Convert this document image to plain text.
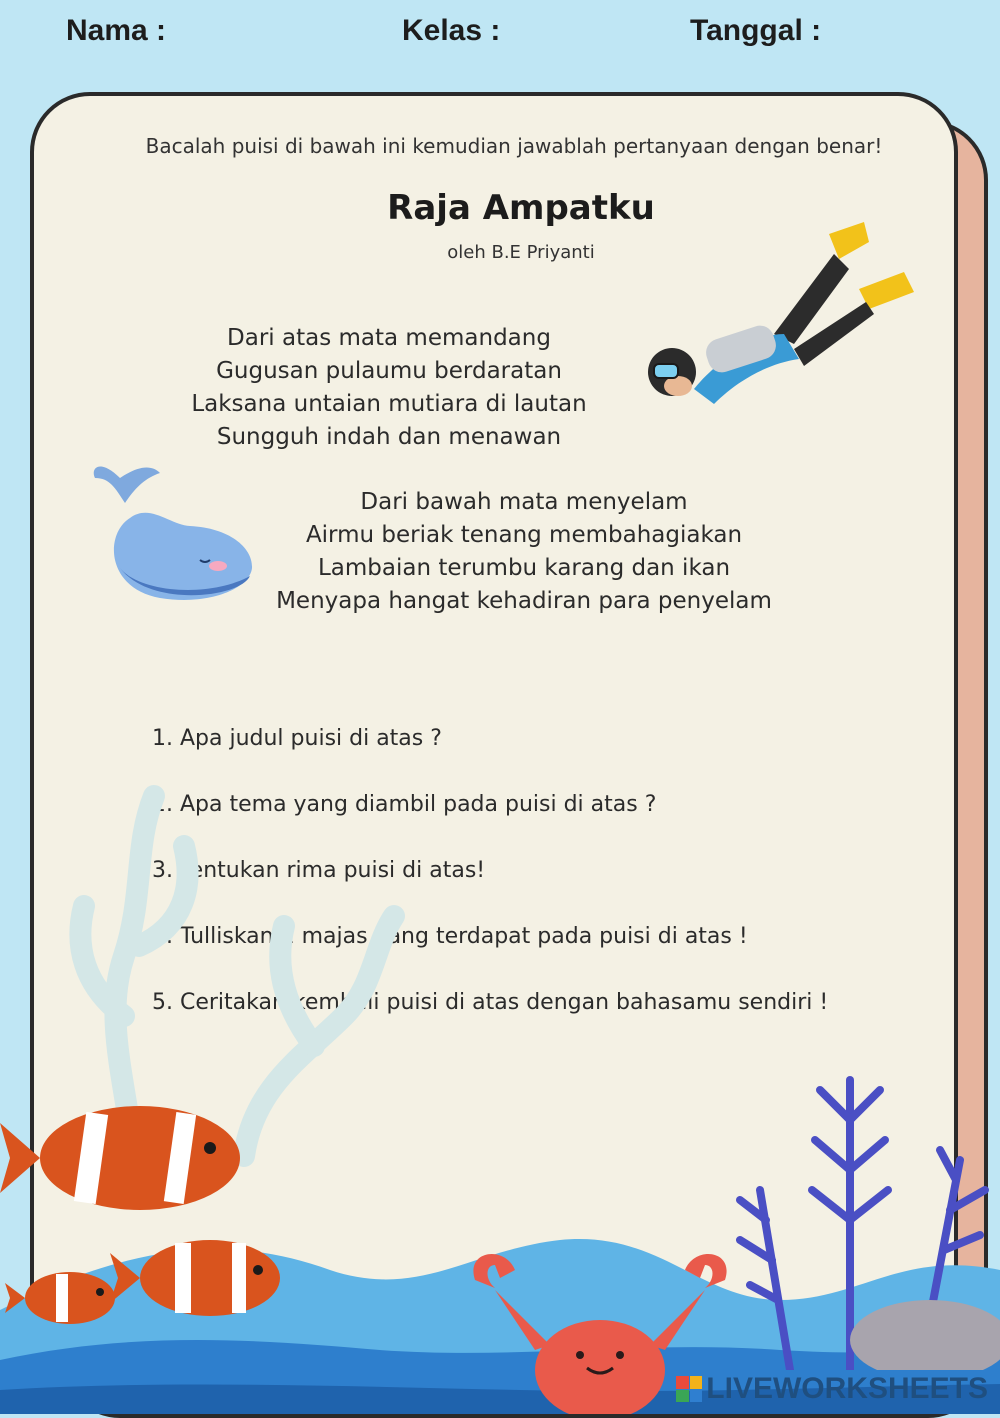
Nama :	Kelas :	Tanggal :
Bacalah puisi di bawah ini kemudian jawablah pertanyaan dengan benar!
Raja Ampatku
oleh B.E Priyanti
Dari atas mata memandang
Gugusan pulaumu berdaratan
Laksana untaian mutiara di lautan
Sungguh indah dan menawan
Dari bawah mata menyelam
Airmu beriak tenang membahagiakan
Lambaian terumbu karang dan ikan
Menyapa hangat kehadiran para penyelam
1. Apa judul puisi di atas ?
2. Apa tema yang diambil pada puisi di atas ?
3. Tentukan rima puisi di atas!
4. Tulliskan 1 majas yang terdapat pada puisi di atas !
5. Ceritakan kembali puisi di atas dengan bahasamu sendiri !
LIVEWORKSHEETS
